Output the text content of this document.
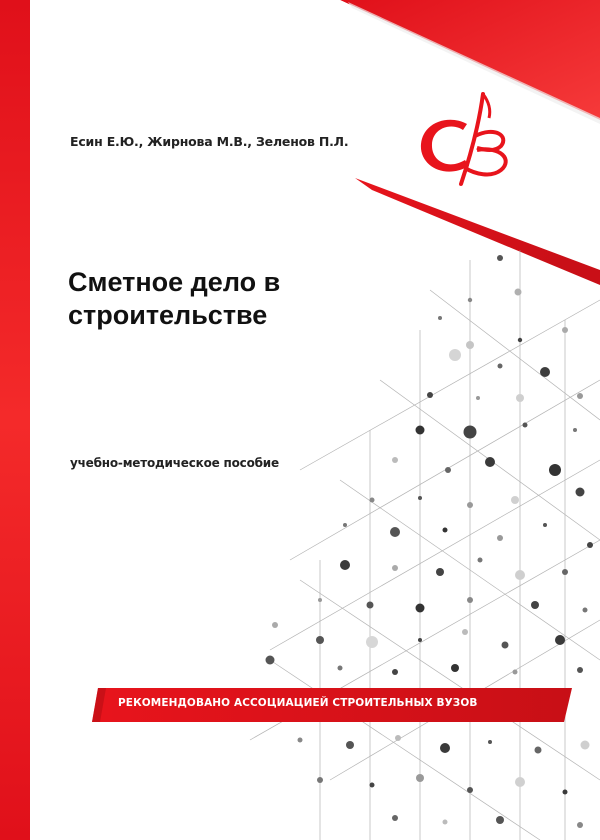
Есин Е.Ю., Жирнова М.В., Зеленов П.Л.
Сметное дело в
строительстве
учебно-методическое пособие
РЕКОМЕНДОВАНО АССОЦИАЦИЕЙ СТРОИТЕЛЬНЫХ ВУЗОВ
